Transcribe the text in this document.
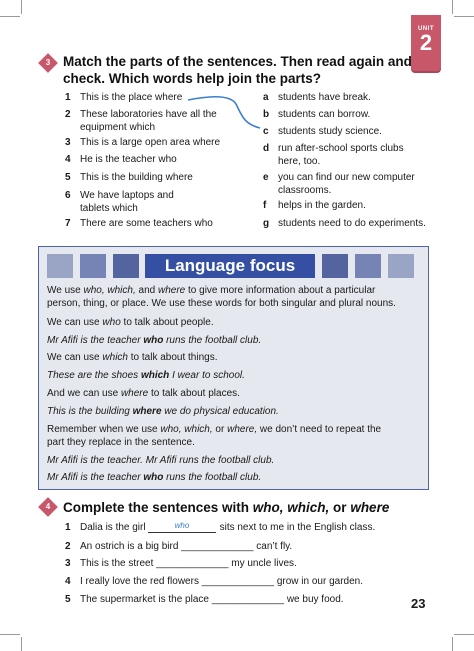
UNIT
2
3 Match the parts of the sentences. Then read again and
check. Which words help join the parts?
1 This is the place where
2 These laboratories have all the
equipment which
3 This is a large open area where
4 He is the teacher who
5 This is the building where
6 We have laptops and
tablets which
7 There are some teachers who
a students have break.
b students can borrow.
c students study science.
d run after-school sports clubs
here, too.
e you can find our new computer
classrooms.
f helps in the garden.
g students need to do experiments.
Language focus
We use who, which, and where to give more information about a particular
person, thing, or place. We use these words for both singular and plural nouns.
We can use who to talk about people.
Mr Afifi is the teacher who runs the football club.
We can use which to talk about things.
These are the shoes which I wear to school.
And we can use where to talk about places.
This is the building where we do physical education.
Remember when we use who, which, or where, we don’t need to repeat the
part they replace in the sentence.
Mr Afifi is the teacher. Mr Afifi runs the football club.
Mr Afifi is the teacher who runs the football club.
4 Complete the sentences with who, which, or where
1 Dalia is the girl	sits next to me in the English class.
2 An ostrich is a big bird _____________ can’t fly.
3 This is the street _____________ my uncle lives.
4 I really love the red flowers _____________ grow in our garden.
5 The supermarket is the place _____________ we buy food.
who
23
